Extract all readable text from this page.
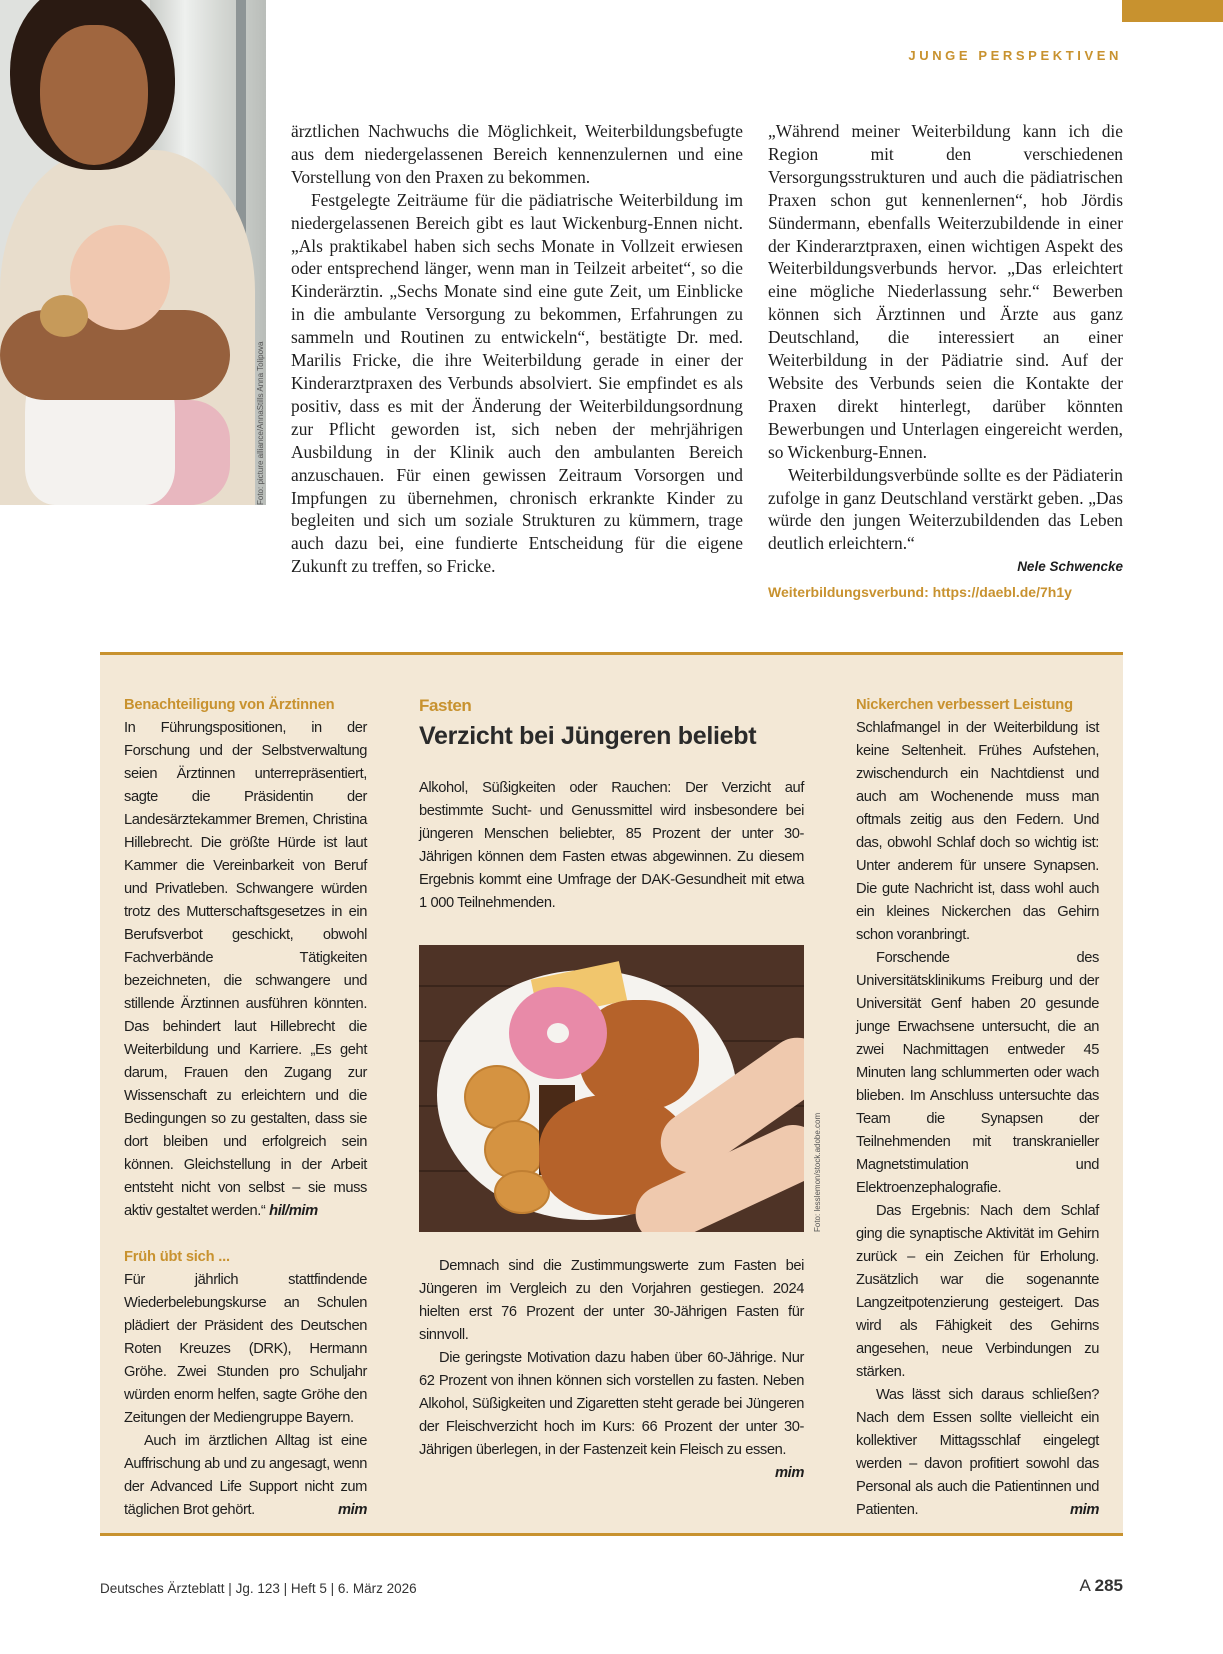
JUNGE PERSPEKTIVEN
Foto: picture alliance/AnnaStills Anna Tolipova

ärztlichen Nachwuchs die Möglichkeit, Weiterbildungsbefugte aus dem niedergelassenen Bereich kennenzulernen und eine Vorstellung von den Praxen zu bekommen.

Festgelegte Zeiträume für die pädiatrische Weiterbildung im niedergelassenen Bereich gibt es laut Wickenburg-Ennen nicht. „Als praktikabel haben sich sechs Monate in Vollzeit erwiesen oder entsprechend länger, wenn man in Teilzeit arbeitet“, so die Kinderärztin. „Sechs Monate sind eine gute Zeit, um Einblicke in die ambulante Versorgung zu bekommen, Erfahrungen zu sammeln und Routinen zu entwickeln“, bestätigte Dr. med. Marilis Fricke, die ihre Weiterbildung gerade in einer der Kinderarztpraxen des Verbunds absolviert. Sie empfindet es als positiv, dass es mit der Änderung der Weiterbildungsordnung zur Pflicht geworden ist, sich neben der mehrjährigen Ausbildung in der Klinik auch den ambulanten Bereich anzuschauen. Für einen gewissen Zeitraum Vorsorgen und Impfungen zu übernehmen, chronisch erkrankte Kinder zu begleiten und sich um soziale Strukturen zu kümmern, trage auch dazu bei, eine fundierte Entscheidung für die eigene Zukunft zu treffen, so Fricke.

„Während meiner Weiterbildung kann ich die Region mit den verschiedenen Versorgungsstrukturen und auch die pädiatrischen Praxen schon gut kennenlernen“, hob Jördis Sündermann, ebenfalls Weiterzubildende in einer der Kinderarztpraxen, einen wichtigen Aspekt des Weiterbildungsverbunds hervor. „Das erleichtert eine mögliche Niederlassung sehr.“ Bewerben können sich Ärztinnen und Ärzte aus ganz Deutschland, die interessiert an einer Weiterbildung in der Pädiatrie sind. Auf der Website des Verbunds seien die Kontakte der Praxen direkt hinterlegt, darüber könnten Bewerbungen und Unterlagen eingereicht werden, so Wickenburg-Ennen.

Weiterbildungsverbünde sollte es der Pädiaterin zufolge in ganz Deutschland verstärkt geben. „Das würde den jungen Weiterzubildenden das Leben deutlich erleichtern.“

Nele Schwencke
Weiterbildungsverbund: https://daebl.de/7h1y
Benachteiligung von Ärztinnen

In Führungspositionen, in der Forschung und der Selbstverwaltung seien Ärztinnen unterrepräsentiert, sagte die Präsidentin der Landesärztekammer Bremen, Christina Hillebrecht. Die größte Hürde ist laut Kammer die Vereinbarkeit von Beruf und Privatleben. Schwangere würden trotz des Mutterschaftsgesetzes in ein Berufsverbot geschickt, obwohl Fachverbände Tätigkeiten bezeichneten, die schwangere und stillende Ärztinnen ausführen könnten. Das behindert laut Hillebrecht die Weiterbildung und Karriere. „Es geht darum, Frauen den Zugang zur Wissenschaft zu erleichtern und die Bedingungen so zu gestalten, dass sie dort bleiben und erfolgreich sein können. Gleichstellung in der Arbeit entsteht nicht von selbst – sie muss aktiv gestaltet werden.“ hil/mim

Früh übt sich ...

Für jährlich stattfindende Wiederbelebungskurse an Schulen plädiert der Präsident des Deutschen Roten Kreuzes (DRK), Hermann Gröhe. Zwei Stunden pro Schuljahr würden enorm helfen, sagte Gröhe den Zeitungen der Mediengruppe Bayern.

Auch im ärztlichen Alltag ist eine Auffrischung ab und zu angesagt, wenn der Advanced Life Support nicht zum täglichen Brot gehört.	mim

Fasten
Verzicht bei Jüngeren beliebt

Alkohol, Süßigkeiten oder Rauchen: Der Verzicht auf bestimmte Sucht- und Genussmittel wird insbesondere bei jüngeren Menschen beliebter, 85 Prozent der unter 30-Jährigen können dem Fasten etwas abgewinnen. Zu diesem Ergebnis kommt eine Umfrage der DAK-Gesundheit mit etwa 1 000 Teilnehmenden.

Foto: lesslemon/stock.adobe.com

Demnach sind die Zustimmungswerte zum Fasten bei Jüngeren im Vergleich zu den Vorjahren gestiegen. 2024 hielten erst 76 Prozent der unter 30-Jährigen Fasten für sinnvoll.

Die geringste Motivation dazu haben über 60-Jährige. Nur 62 Prozent von ihnen können sich vorstellen zu fasten. Neben Alkohol, Süßigkeiten und Zigaretten steht gerade bei Jüngeren der Fleischverzicht hoch im Kurs: 66 Prozent der unter 30-Jährigen überlegen, in der Fastenzeit kein Fleisch zu essen.
mim

Nickerchen verbessert Leistung

Schlafmangel in der Weiterbildung ist keine Seltenheit. Frühes Aufstehen, zwischendurch ein Nachtdienst und auch am Wochenende muss man oftmals zeitig aus den Federn. Und das, obwohl Schlaf doch so wichtig ist: Unter anderem für unsere Synapsen. Die gute Nachricht ist, dass wohl auch ein kleines Nickerchen das Gehirn schon voranbringt.

Forschende des Universitätsklinikums Freiburg und der Universität Genf haben 20 gesunde junge Erwachsene untersucht, die an zwei Nachmittagen entweder 45 Minuten lang schlummerten oder wach blieben. Im Anschluss untersuchte das Team die Synapsen der Teilnehmenden mit transkranieller Magnetstimulation und Elektroenzephalografie.

Das Ergebnis: Nach dem Schlaf ging die synaptische Aktivität im Gehirn zurück – ein Zeichen für Erholung. Zusätzlich war die sogenannte Langzeitpotenzierung gesteigert. Das wird als Fähigkeit des Gehirns angesehen, neue Verbindungen zu stärken.

Was lässt sich daraus schließen? Nach dem Essen sollte vielleicht ein kollektiver Mittagsschlaf eingelegt werden – davon profitiert sowohl das Personal als auch die Patientinnen und Patienten.	mim

Deutsches Ärzteblatt | Jg. 123 | Heft 5 | 6. März 2026	A 285
